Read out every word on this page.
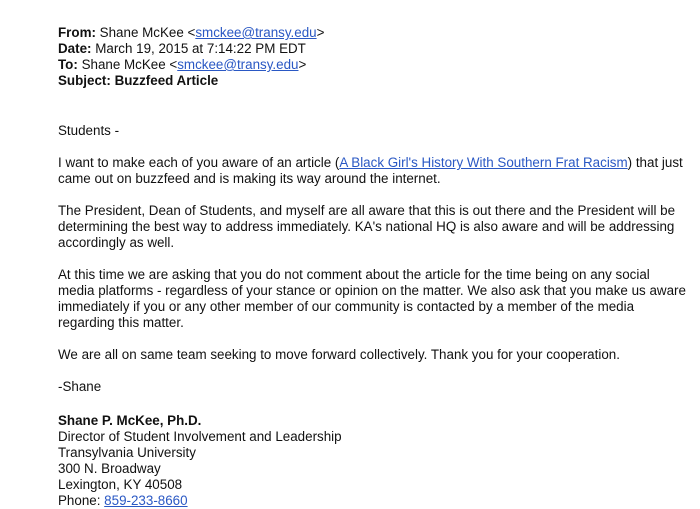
From: Shane McKee <smckee@transy.edu>
Date: March 19, 2015 at 7:14:22 PM EDT
To: Shane McKee <smckee@transy.edu>
Subject: Buzzfeed Article

Students -

I want to make each of you aware of an article (A Black Girl's History With Southern Frat Racism) that just came out on buzzfeed and is making its way around the internet.

The President, Dean of Students, and myself are all aware that this is out there and the President will be determining the best way to address immediately. KA's national HQ is also aware and will be addressing accordingly as well.

At this time we are asking that you do not comment about the article for the time being on any social media platforms - regardless of your stance or opinion on the matter. We also ask that you make us aware immediately if you or any other member of our community is contacted by a member of the media regarding this matter.

We are all on same team seeking to move forward collectively. Thank you for your cooperation.

-Shane

Shane P. McKee, Ph.D.
Director of Student Involvement and Leadership
Transylvania University
300 N. Broadway
Lexington, KY 40508
Phone: 859-233-8660
